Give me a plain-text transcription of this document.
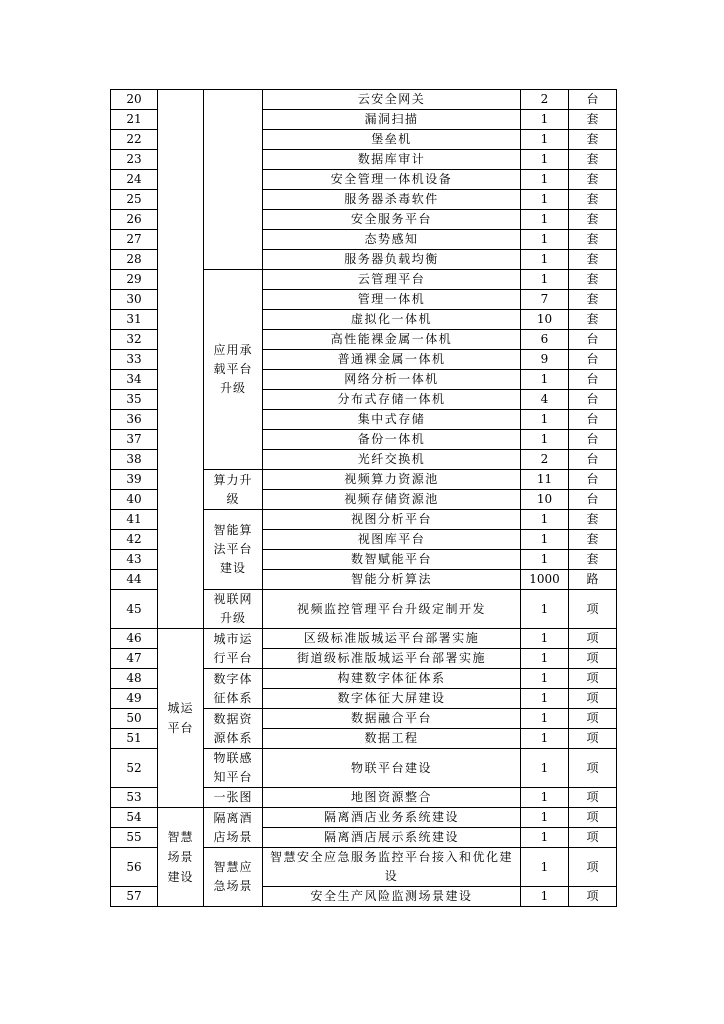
20			云安全网关	2	台
21			漏洞扫描	1	套
22			堡垒机	1	套
23			数据库审计	1	套
24			安全管理一体机设备	1	套
25			服务器杀毒软件	1	套
26			安全服务平台	1	套
27			态势感知	1	套
28			服务器负载均衡	1	套
29		应用承载平台升级	云管理平台	1	套
30			管理一体机	7	套
31			虚拟化一体机	10	套
32			高性能裸金属一体机	6	台
33			普通裸金属一体机	9	台
34			网络分析一体机	1	台
35			分布式存储一体机	4	台
36			集中式存储	1	台
37			备份一体机	1	台
38			光纤交换机	2	台
39		算力升级	视频算力资源池	11	台
40			视频存储资源池	10	台
41		智能算法平台建设	视图分析平台	1	套
42			视图库平台	1	套
43			数智赋能平台	1	套
44			智能分析算法	1000	路
45		视联网升级	视频监控管理平台升级定制开发	1	项
46	城运平台	城市运行平台	区级标准版城运平台部署实施	1	项
47			街道级标准版城运平台部署实施	1	项
48		数字体征体系	构建数字体征体系	1	项
49			数字体征大屏建设	1	项
50		数据资源体系	数据融合平台	1	项
51			数据工程	1	项
52		物联感知平台	物联平台建设	1	项
53		一张图	地图资源整合	1	项
54	智慧场景建设	隔离酒店场景	隔离酒店业务系统建设	1	项
55			隔离酒店展示系统建设	1	项
56		智慧应急场景	智慧安全应急服务监控平台接入和优化建设	1	项
57			安全生产风险监测场景建设	1	项
